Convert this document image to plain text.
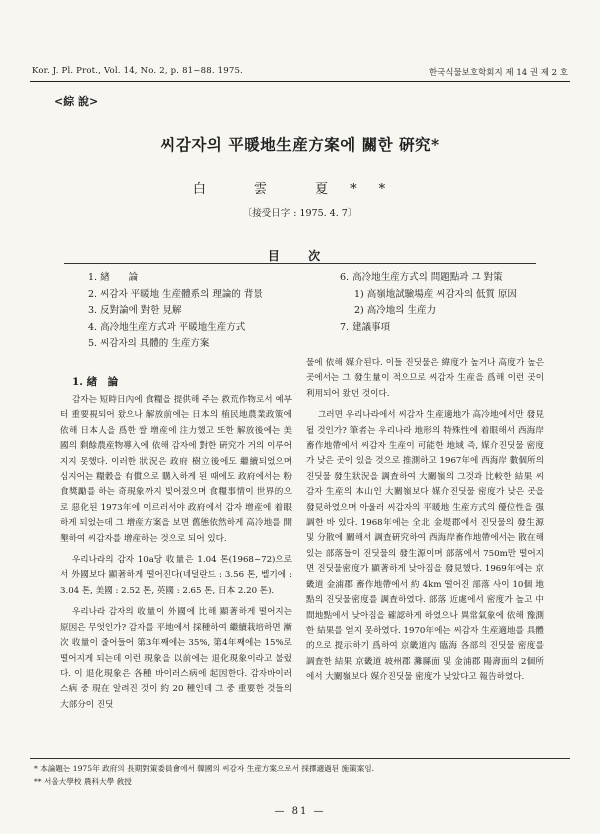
Kor. J. Pl. Prot., Vol. 14, No. 2, p. 81~88. 1975.	한국식물보호학회지 제 14 권 제 2 호
<綜 說>
씨감자의 平暖地生産方案에 關한 硏究*
白 雲 夏**
〔接受日字 : 1975. 4. 7〕
目 次
1. 緖　　論
2. 씨감자 平暖地 生産體系의 理論的 背景
3. 反對論에 對한 見解
4. 高冷地生産方式과 平暖地生産方式
5. 씨감자의 具體的 生産方案
6. 高冷地生産方式의 問題點과 그 對策
1) 高嶺地試驗場産 씨감자의 低質 原因
2) 高冷地의 生産力
7. 建議事項
1. 緖　論

감자는 短時日內에 食糧을 提供해 주는 救荒作物로서 예부터 重要視되어 왔으나 解放前에는 日本의 植民地農業政策에 依해 日本人을 爲한 쌀 增産에 注力했고 또한 解放後에는 美國의 剩餘農産物導入에 依해 감자에 對한 硏究가 거의 이루어지지 못했다. 이러한 狀況은 政府 樹立後에도 繼續되었으며 심지어는 糧穀을 有償으로 購入하게 된 때에도 政府에서는 粉食獎勵를 하는 奇現象까지 빚어졌으며 食糧事情이 世界的으로 惡化된 1973年에 이르러서야 政府에서 감자 增産에 着眼하게 되었는데 그 增産方案을 보면 舊態依然하게 高冷地를 開墾하여 씨감자를 增産하는 것으로 되어 있다.

우리나라의 감자 10a당 收量은 1.04 톤(1968~72)으로서 外國보다 顯著하게 떨어진다(네덜란드 : 3.56 톤, 벨기에 : 3.04 톤, 美國 : 2.52 톤, 英國 : 2.65 톤, 日本 2.20 톤).

우리나라 감자의 收量이 外國에 比해 顯著하게 떨어지는 原因은 무엇인가? 감자를 平地에서 採種하여 繼續栽培하면 漸次 收量이 줄어들어 第3年째에는 35%, 第4年째에는 15%로 떨어지게 되는데 이런 現象을 以前에는 退化現象이라고 불렀다. 이 退化現象은 各種 바이러스病에 起因한다. 감자바이러스病 중 現在 알려진 것이 約 20 種인데 그 중 重要한 것들의 大部分이 진딧

물에 依해 媒介된다. 이들 진딧물은 緯度가 높거나 高度가 높은 곳에서는 그 發生量이 적으므로 씨감자 生産을 爲해 이런 곳이 利用되어 왔던 것이다.

그러면 우리나라에서 씨감자 生産適地가 高冷地에서만 發見될 것인가? 筆者는 우리나라 地形의 特殊性에 着眼해서 西海岸 畜作地帶에서 씨감자 生産이 可能한 地域 즉, 媒介진딧물 密度가 낮은 곳이 있을 것으로 推測하고 1967年에 西海岸 數個所의 진딧물 發生狀況을 調査하여 大關嶺의 그것과 比較한 結果 씨감자 生産의 本山인 大關嶺보다 媒介진딧물 密度가 낮은 곳을 發見하였으며 아울러 씨감자의 平暖地 生産方式의 優位性을 强調한 바 있다. 1968年에는 全北 金堤郡에서 진딧물의 發生源 및 分散에 關해서 調査硏究하여 西海岸畜作地帶에서는 散在해 있는 部落들이 진딧물의 發生源이며 部落에서 750m만 떨어지면 진딧물密度가 顯著하게 낮아짐을 發見했다. 1969年에는 京畿道 金浦郡 畜作地帶에서 約 4km 떨어진 部落 사이 10個 地點의 진딧물密度를 調査하였다. 部落 近處에서 密度가 높고 中間地點에서 낮아짐을 確認하게 하였으나 異常氣象에 依해 豫測한 結果를 얻지 못하였다. 1970年에는 씨감자 生産適地를 具體的으로 提示하기 爲하여 京畿道內 臨海 各部의 진딧물 密度를 調査한 結果 京畿道 坡州郡 灘縣面 및 金浦郡 陽壽面의 2個所에서 大關嶺보다 媒介진딧물 密度가 낮았다고 報告하였다.

* 本論題는 1975年 政府의 長期對策委員會에서 韓國의 씨감자 生産方案으로서 採擇適過된 施策案임.
** 서울大學校 農科大學 敎授
— 81 —
